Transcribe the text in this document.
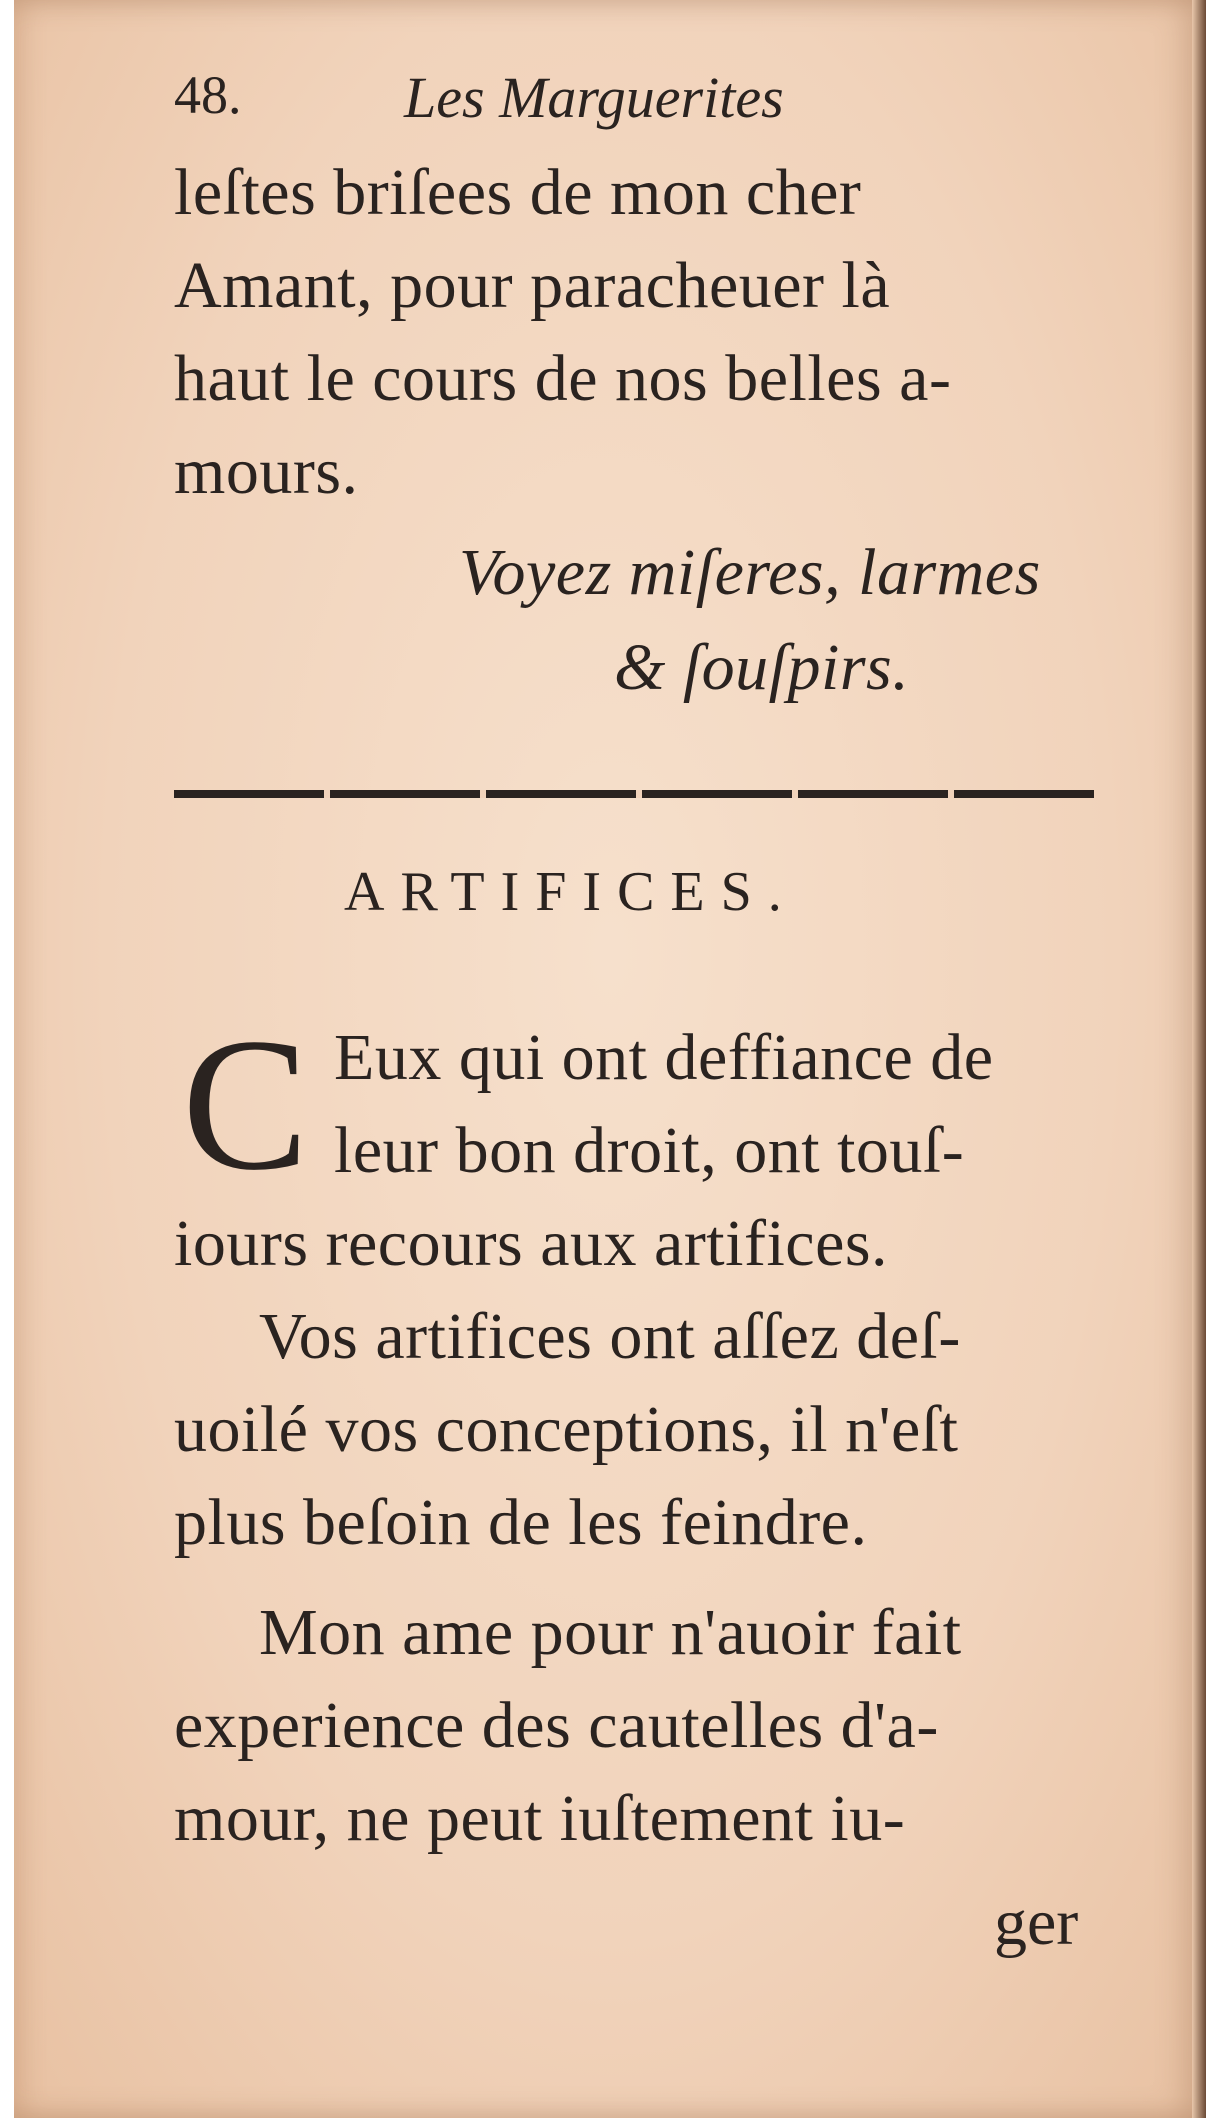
48.	Les Marguerites
leſtes briſees de mon cher
Amant, pour paracheuer là
haut le cours de nos belles a-
mours.
Voyez miſeres, larmes
& ſouſpirs.
ARTIFICES.
C Eux qui ont deffiance de
leur bon droit, ont touſ-
iours recours aux artifices.
Vos artifices ont aſſez deſ-
uoilé vos conceptions, il n'eſt
plus beſoin de les feindre.
Mon ame pour n'auoir fait
experience des cautelles d'a-
mour, ne peut iuſtement iu-
ger
